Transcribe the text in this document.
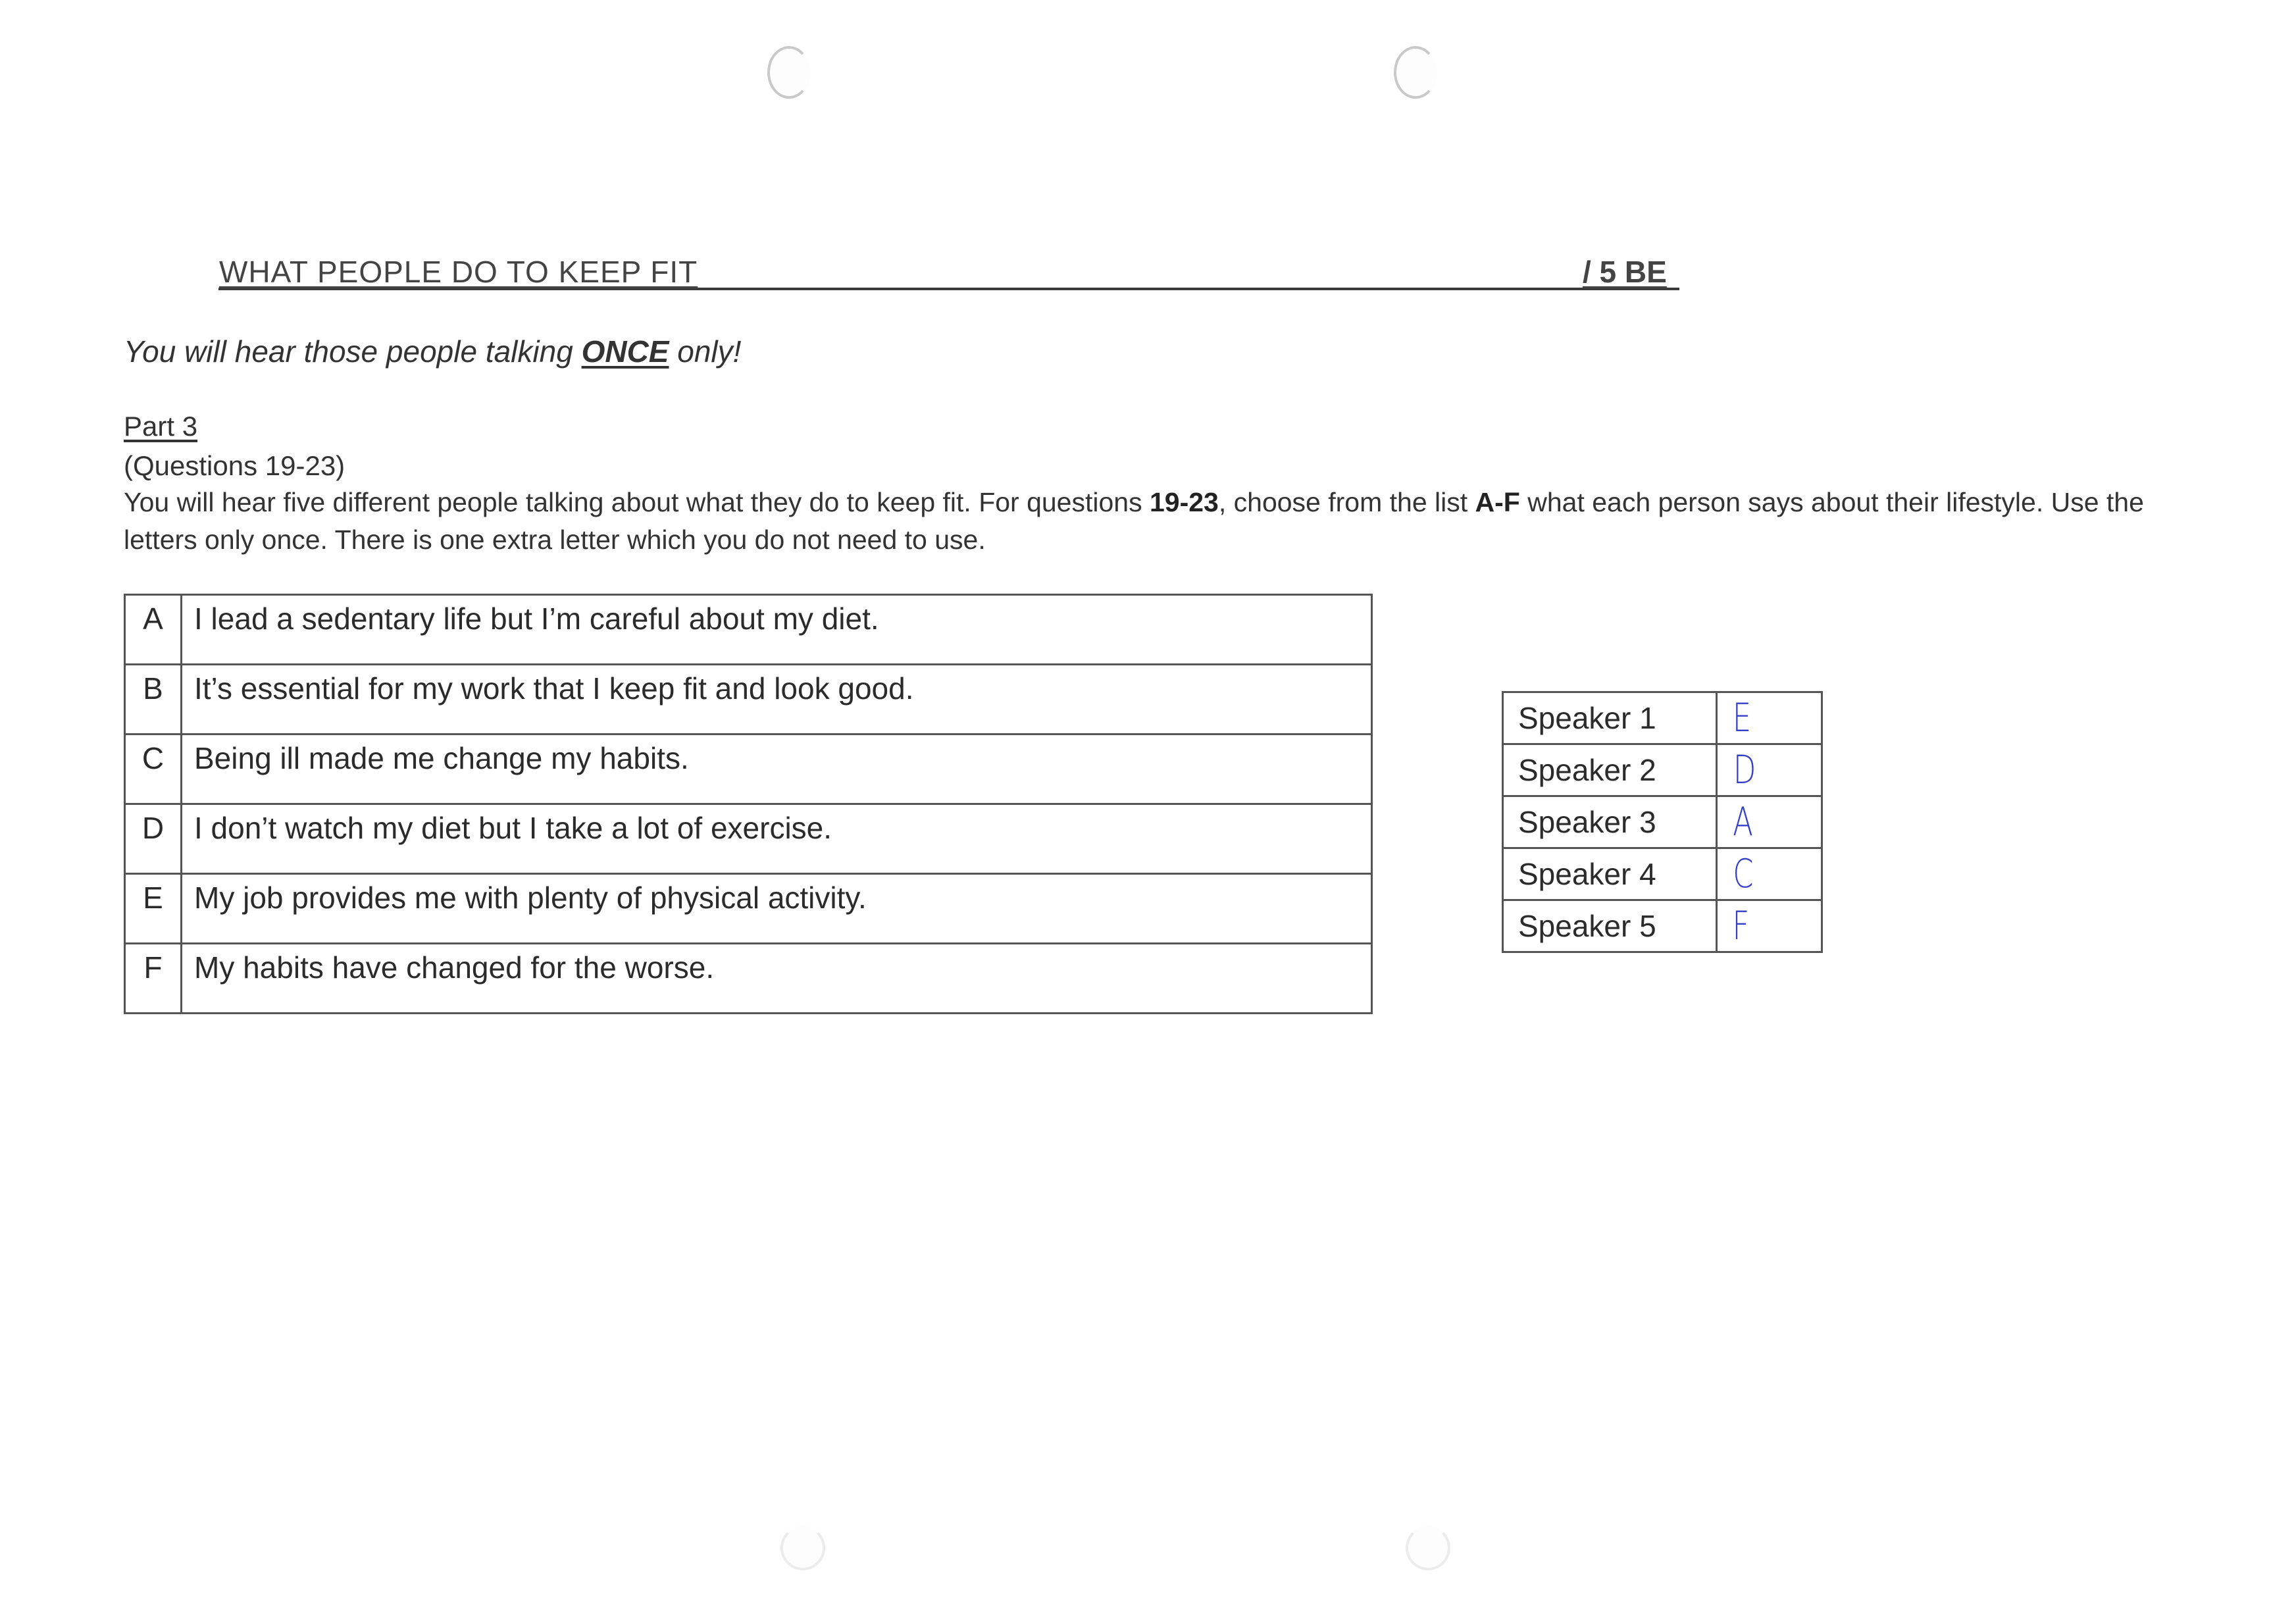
WHAT PEOPLE DO TO KEEP FIT	/ 5 BE
You will hear those people talking ONCE only!
Part 3
(Questions 19-23)
You will hear five different people talking about what they do to keep fit. For questions 19-23, choose from the list A-F what each person says about their lifestyle. Use the letters only once. There is one extra letter which you do not need to use.
A	I lead a sedentary life but I’m careful about my diet.
B	It’s essential for my work that I keep fit and look good.
C	Being ill made me change my habits.
D	I don’t watch my diet but I take a lot of exercise.
E	My job provides me with plenty of physical activity.
F	My habits have changed for the worse.
Speaker 1	E
Speaker 2	D
Speaker 3	A
Speaker 4	C
Speaker 5	F
